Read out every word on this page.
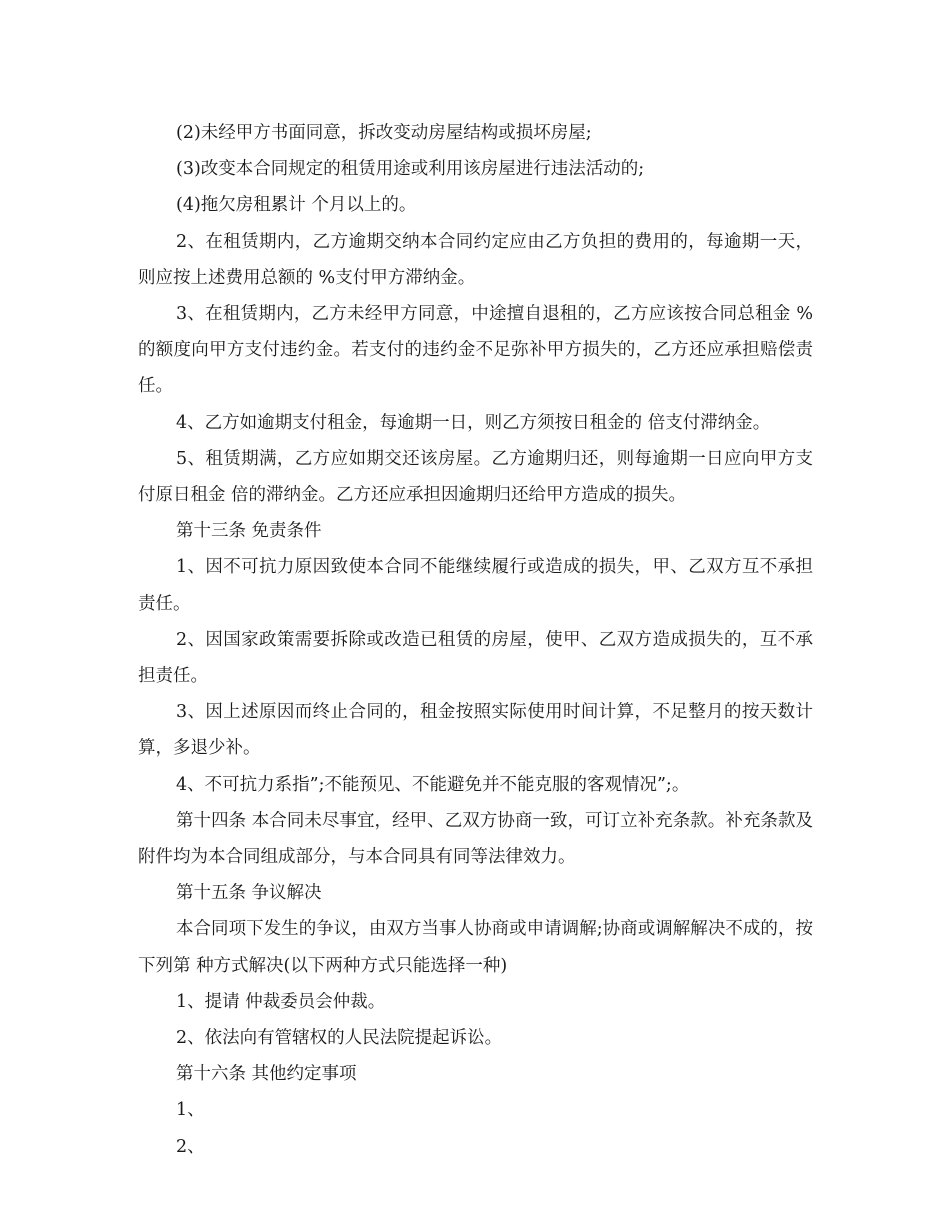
(2)未经甲方书面同意，拆改变动房屋结构或损坏房屋;

(3)改变本合同规定的租赁用途或利用该房屋进行违法活动的;

(4)拖欠房租累计 个月以上的。

2、在租赁期内，乙方逾期交纳本合同约定应由乙方负担的费用的，每逾期一天，则应按上述费用总额的 %支付甲方滞纳金。

3、在租赁期内，乙方未经甲方同意，中途擅自退租的，乙方应该按合同总租金 %的额度向甲方支付违约金。若支付的违约金不足弥补甲方损失的，乙方还应承担赔偿责任。

4、乙方如逾期支付租金，每逾期一日，则乙方须按日租金的 倍支付滞纳金。

5、租赁期满，乙方应如期交还该房屋。乙方逾期归还，则每逾期一日应向甲方支付原日租金 倍的滞纳金。乙方还应承担因逾期归还给甲方造成的损失。

第十三条 免责条件

1、因不可抗力原因致使本合同不能继续履行或造成的损失，甲、乙双方互不承担责任。

2、因国家政策需要拆除或改造已租赁的房屋，使甲、乙双方造成损失的，互不承担责任。

3、因上述原因而终止合同的，租金按照实际使用时间计算，不足整月的按天数计算，多退少补。

4、不可抗力系指”;不能预见、不能避免并不能克服的客观情况”;。

第十四条 本合同未尽事宜，经甲、乙双方协商一致，可订立补充条款。补充条款及附件均为本合同组成部分，与本合同具有同等法律效力。

第十五条 争议解决

本合同项下发生的争议，由双方当事人协商或申请调解;协商或调解解决不成的，按下列第 种方式解决(以下两种方式只能选择一种)

1、提请 仲裁委员会仲裁。

2、依法向有管辖权的人民法院提起诉讼。

第十六条 其他约定事项

1、

2、
